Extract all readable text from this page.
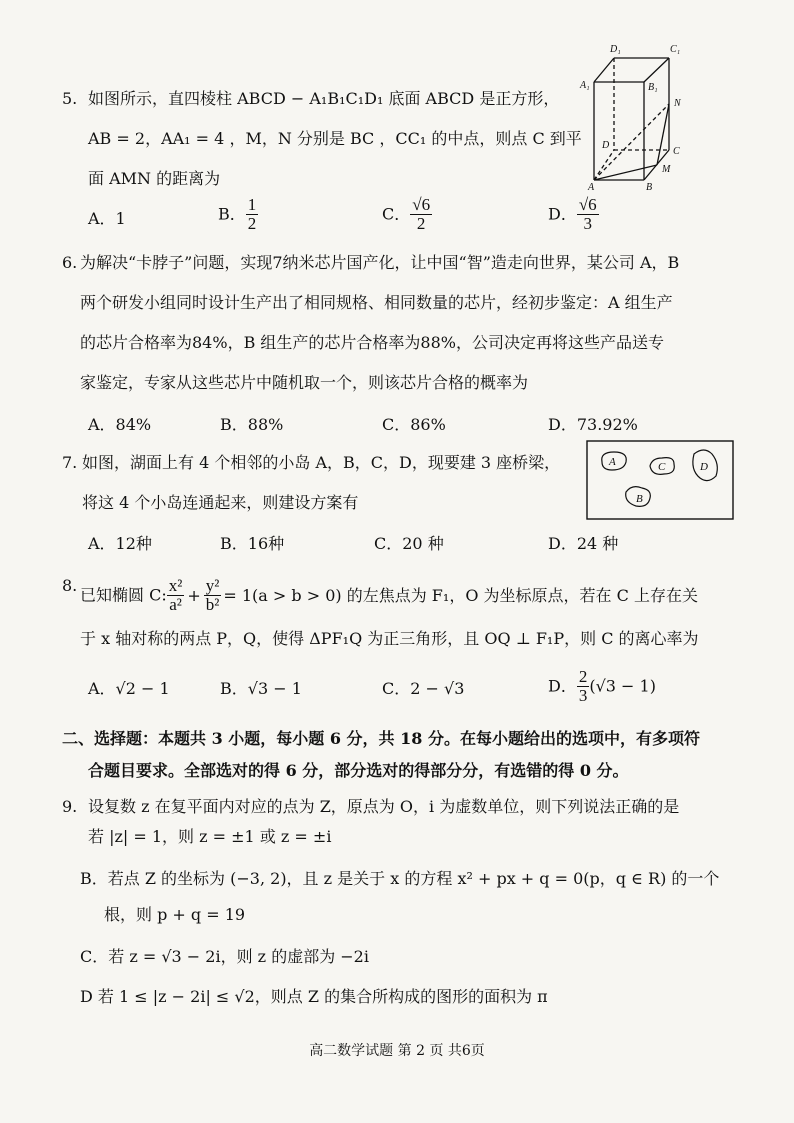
5. 如图所示，直四棱柱 ABCD − A₁B₁C₁D₁ 底面 ABCD 是正方形，
AB = 2，AA₁ = 4 ，M，N 分别是 BC ，CC₁ 的中点，则点 C 到平
面 AMN 的距离为
A．1	B． $\frac{1}{2}$	C． $\frac{√6}{2}$	D． $\frac{√6}{3}$
D₁	C₁
A₁	B₁
N
D
C
M
A	B
6. 为解决“卡脖子”问题，实现7纳米芯片国产化，让中国“智”造走向世界，某公司 A，B
两个研发小组同时设计生产出了相同规格、相同数量的芯片，经初步鉴定：A 组生产
的芯片合格率为84%，B 组生产的芯片合格率为88%，公司决定再将这些产品送专
家鉴定，专家从这些芯片中随机取一个，则该芯片合格的概率为
A．84%	B．88%	C．86%	D．73.92%
7. 如图，湖面上有 4 个相邻的小岛 A，B，C，D，现要建 3 座桥梁，
将这 4 个小岛连通起来，则建设方案有
A．12种	B．16种	C．20 种	D．24 种
A	C	D
B
8. 已知椭圆 C: $\frac{\text{x²}}{\text{a²}} + \frac{\text{y²}}{\text{b²}} = 1(a > b > 0)$ 的左焦点为 F₁，O 为坐标原点，若在 C 上存在关
于 x 轴对称的两点 P，Q，使得 ΔPF₁Q 为正三角形，且 OQ ⊥ F₁P，则 C 的离心率为
A．√2 − 1	B．√3 − 1	C．2 − √3	D． $\frac{2}{3} (√3 - 1)$
二、选择题：本题共 3 小题，每小题 6 分，共 18 分。在每小题给出的选项中，有多项符
合题目要求。全部选对的得 6 分，部分选对的得部分分，有选错的得 0 分。
9. 设复数 z 在复平面内对应的点为 Z，原点为 O，i 为虚数单位，则下列说法正确的是
若 |z| = 1，则 z = ±1 或 z = ±i
B．若点 Z 的坐标为 (−3, 2)，且 z 是关于 x 的方程 x² + px + q = 0(p，q ∈ R) 的一个
根，则 p + q = 19
C．若 z = √3 − 2i，则 z 的虚部为 −2i
D 若 1 ≤ |z − 2i| ≤ √2，则点 Z 的集合所构成的图形的面积为 π
高二数学试题 第 2 页 共6页
